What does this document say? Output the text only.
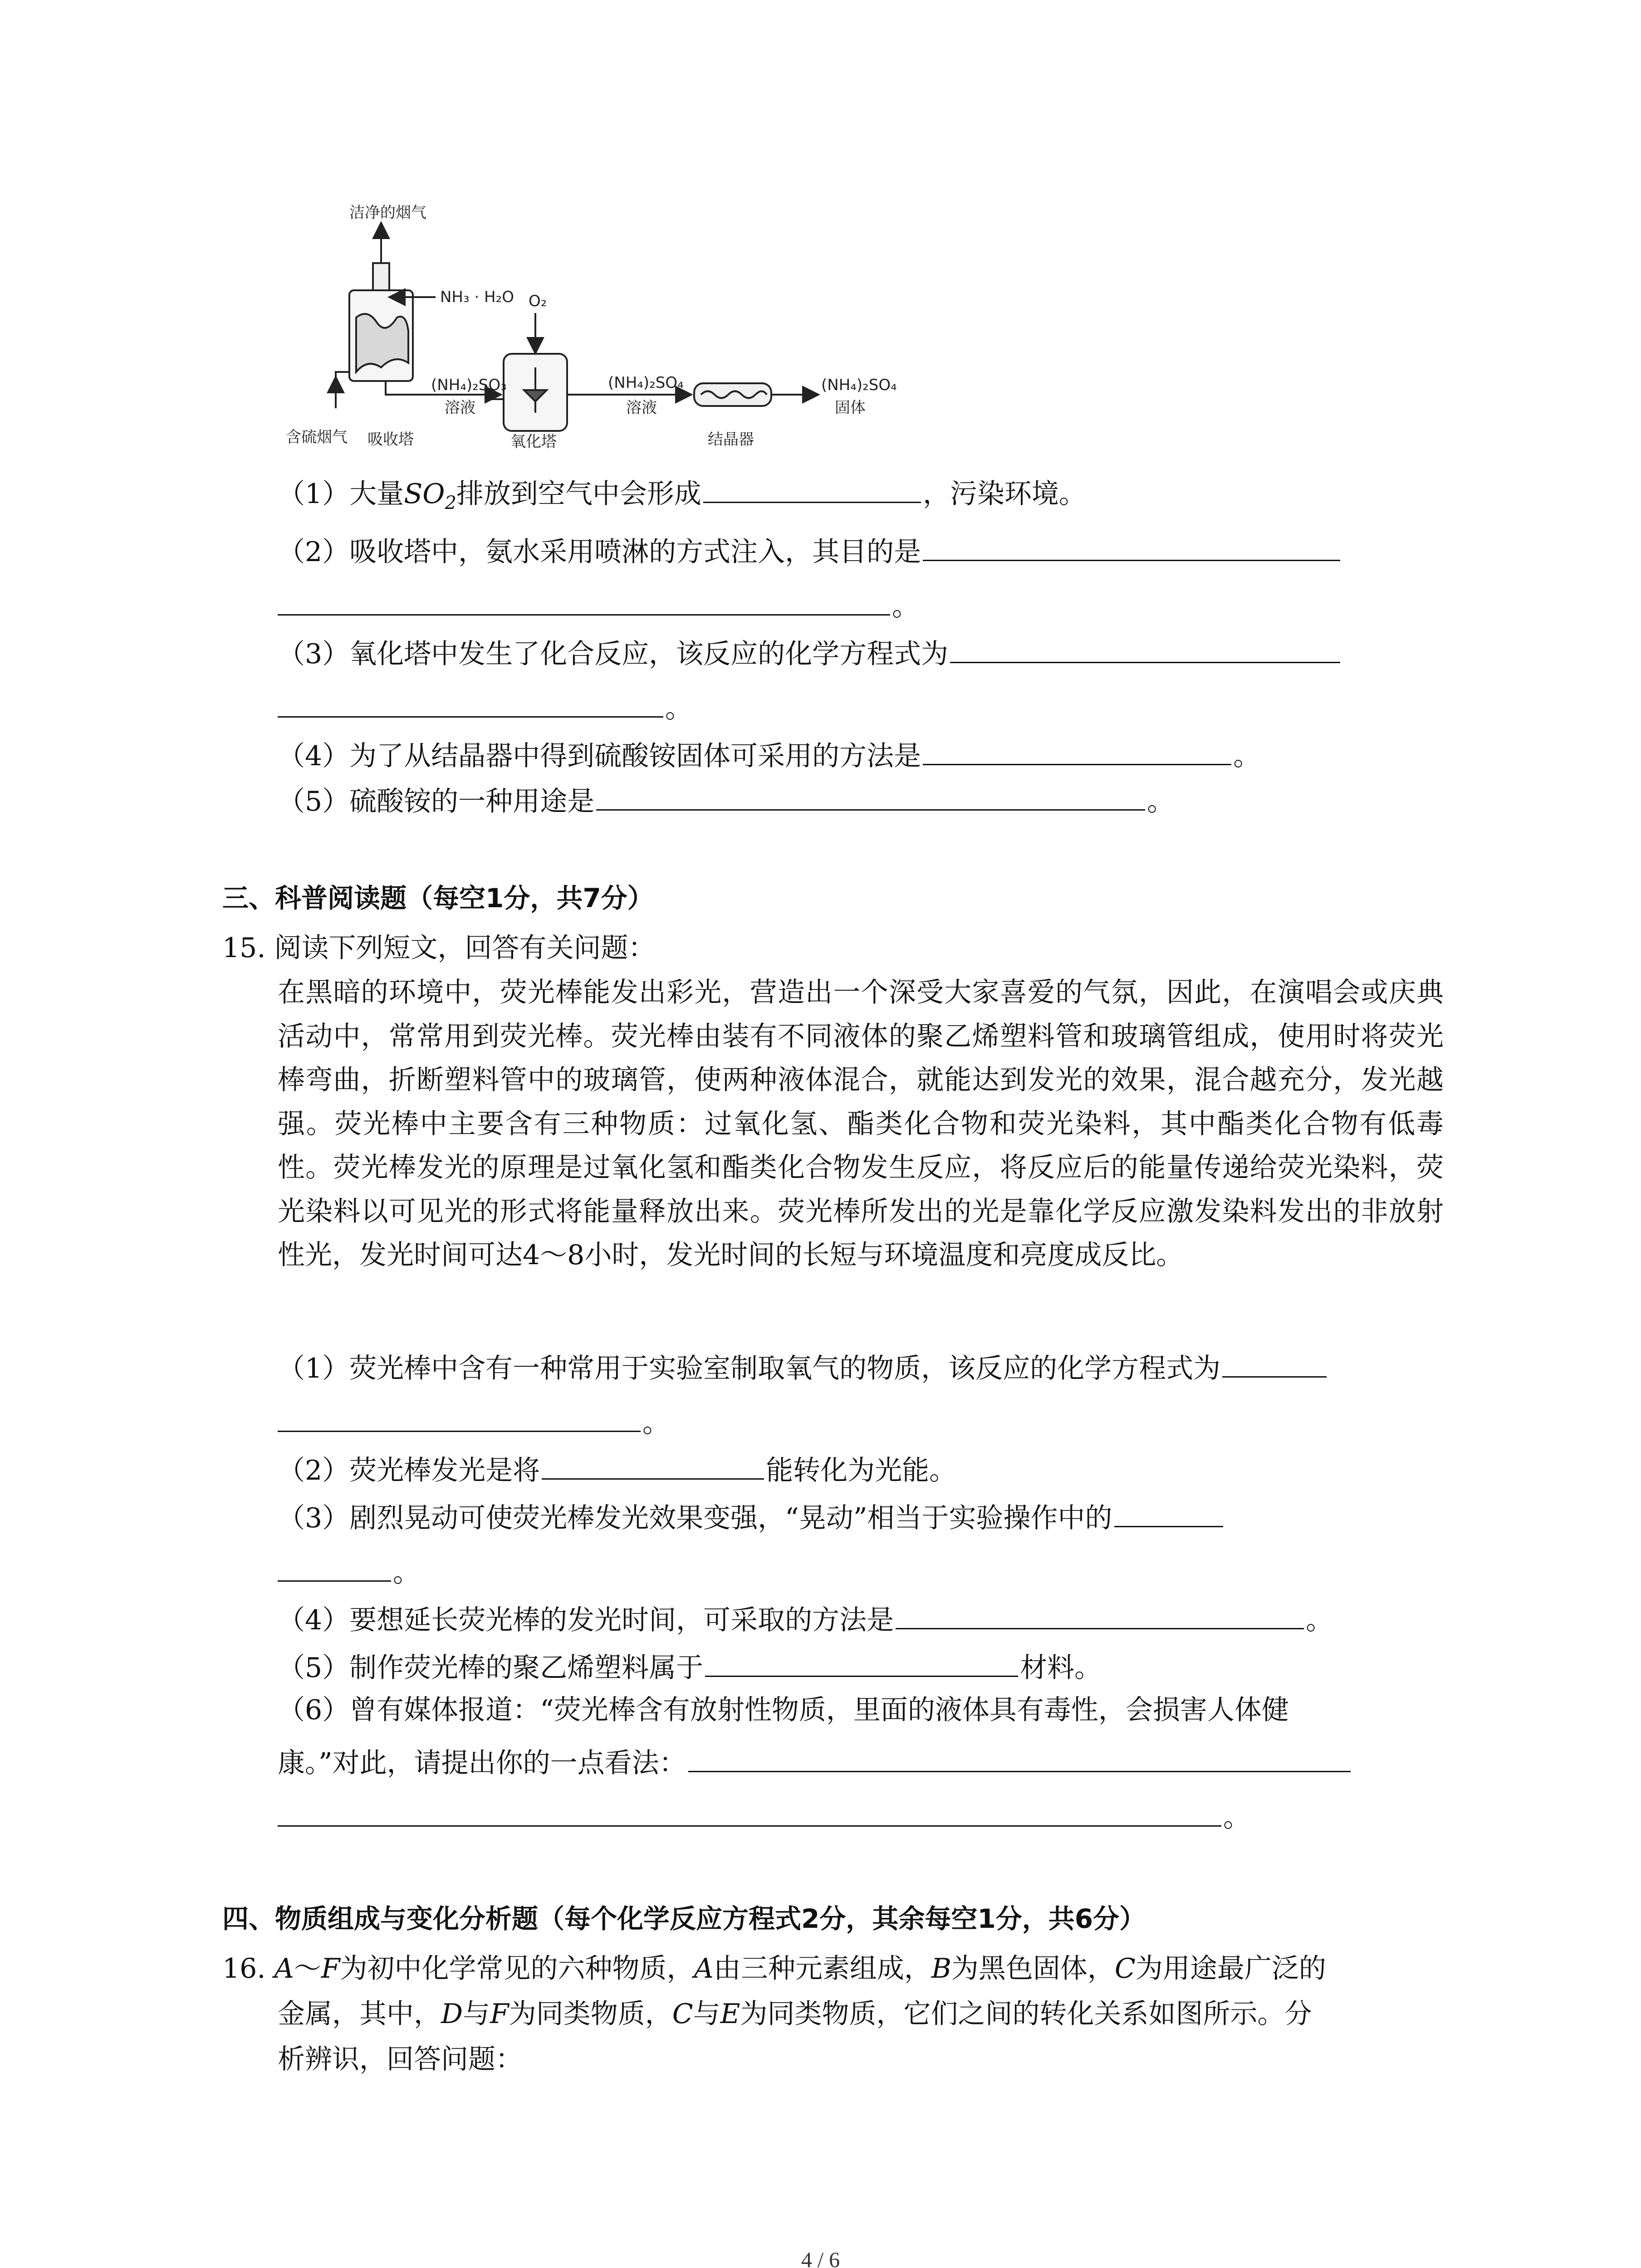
洁净的烟气
NH₃ · H₂O O₂
(NH₄)₂SO₃
溶液
(NH₄)₂SO₄
溶液
(NH₄)₂SO₄
固体
含硫烟气 吸收塔	氧化塔	结晶器
（1）大量$SO_2$排放到空气中会形成	，污染环境。
（2）吸收塔中，氨水采用喷淋的方式注入，其目的是
。
（3）氧化塔中发生了化合反应，该反应的化学方程式为
。
（4）为了从结晶器中得到硫酸铵固体可采用的方法是	。
（5）硫酸铵的一种用途是	。
三、科普阅读题（每空1分，共7分）
15. 阅读下列短文，回答有关问题：
在黑暗的环境中，荧光棒能发出彩光，营造出一个深受大家喜爱的气氛，因此，在演唱会或庆典活动中，常常用到荧光棒。荧光棒由装有不同液体的聚乙烯塑料管和玻璃管组成，使用时将荧光棒弯曲，折断塑料管中的玻璃管，使两种液体混合，就能达到发光的效果，混合越充分，发光越强。荧光棒中主要含有三种物质：过氧化氢、酯类化合物和荧光染料，其中酯类化合物有低毒性。荧光棒发光的原理是过氧化氢和酯类化合物发生反应，将反应后的能量传递给荧光染料，荧光染料以可见光的形式将能量释放出来。荧光棒所发出的光是靠化学反应激发染料发出的非放射性光，发光时间可达4～8小时，发光时间的长短与环境温度和亮度成反比。
（1）荧光棒中含有一种常用于实验室制取氧气的物质，该反应的化学方程式为
。
（2）荧光棒发光是将	能转化为光能。
（3）剧烈晃动可使荧光棒发光效果变强，“晃动”相当于实验操作中的
。
（4）要想延长荧光棒的发光时间，可采取的方法是	。
（5）制作荧光棒的聚乙烯塑料属于	材料。
（6）曾有媒体报道：“荧光棒含有放射性物质，里面的液体具有毒性，会损害人体健
康。”对此，请提出你的一点看法：
。
四、物质组成与变化分析题（每个化学反应方程式2分，其余每空1分，共6分）
16. A～F为初中化学常见的六种物质，A由三种元素组成，B为黑色固体，C为用途最广泛的
金属，其中，D与F为同类物质，C与E为同类物质，它们之间的转化关系如图所示。分
析辨识，回答问题：
4 / 6
